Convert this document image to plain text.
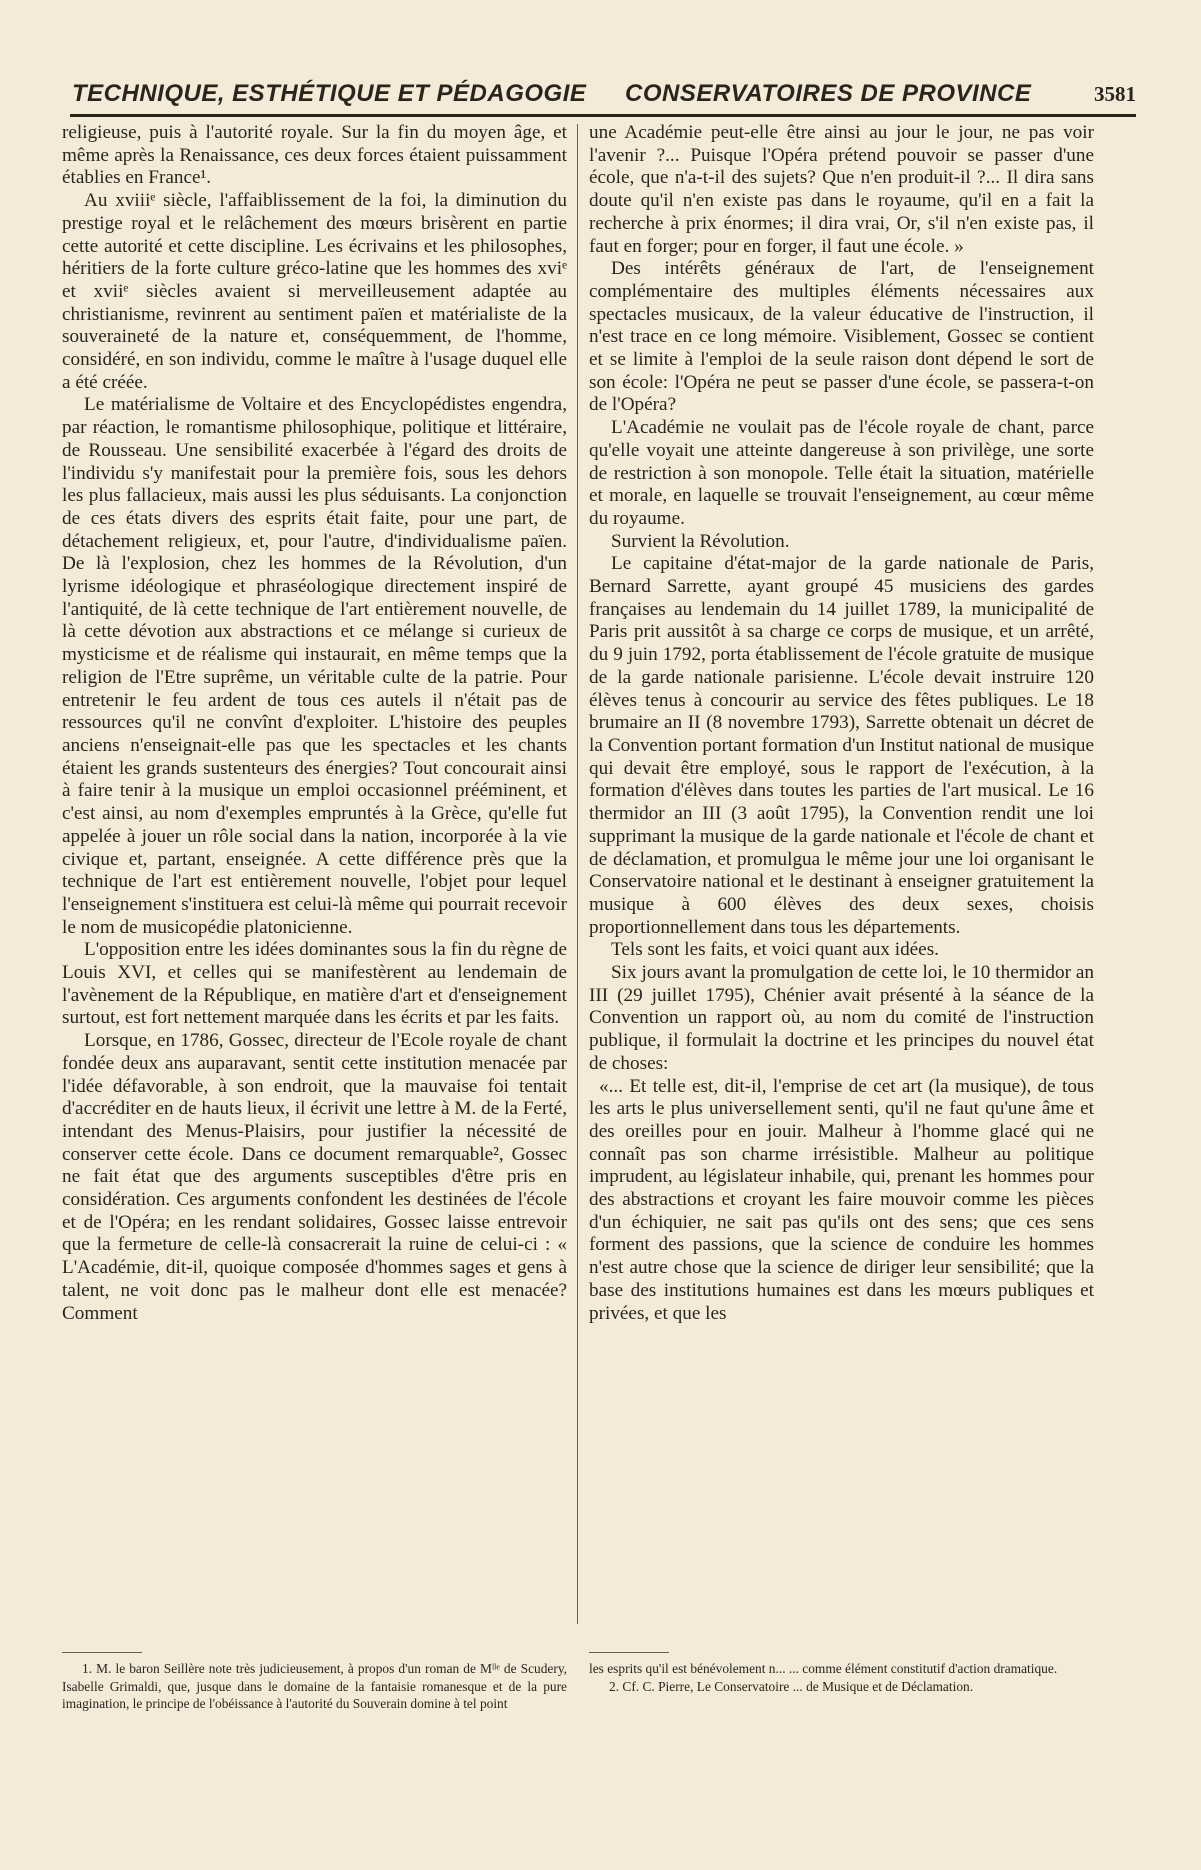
TECHNIQUE, ESTHÉTIQUE ET PÉDAGOGIE CONSERVATOIRES DE PROVINCE	3581

religieuse, puis à l'autorité royale. Sur la fin du moyen âge, et même après la Renaissance, ces deux forces étaient puissamment établies en France¹.

Au xviiiᵉ siècle, l'affaiblissement de la foi, la diminution du prestige royal et le relâchement des mœurs brisèrent en partie cette autorité et cette discipline. Les écrivains et les philosophes, héritiers de la forte culture gréco-latine que les hommes des xviᵉ et xviiᵉ siècles avaient si merveilleusement adaptée au christianisme, revinrent au sentiment païen et matérialiste de la souveraineté de la nature et, conséquemment, de l'homme, considéré, en son individu, comme le maître à l'usage duquel elle a été créée.

Le matérialisme de Voltaire et des Encyclopédistes engendra, par réaction, le romantisme philosophique, politique et littéraire, de Rousseau. Une sensibilité exacerbée à l'égard des droits de l'individu s'y manifestait pour la première fois, sous les dehors les plus fallacieux, mais aussi les plus séduisants. La conjonction de ces états divers des esprits était faite, pour une part, de détachement religieux, et, pour l'autre, d'individualisme païen. De là l'explosion, chez les hommes de la Révolution, d'un lyrisme idéologique et phraséologique directement inspiré de l'antiquité, de là cette technique de l'art entièrement nouvelle, de là cette dévotion aux abstractions et ce mélange si curieux de mysticisme et de réalisme qui instaurait, en même temps que la religion de l'Etre suprême, un véritable culte de la patrie. Pour entretenir le feu ardent de tous ces autels il n'était pas de ressources qu'il ne convînt d'exploiter. L'histoire des peuples anciens n'enseignait-elle pas que les spectacles et les chants étaient les grands sustenteurs des énergies? Tout concourait ainsi à faire tenir à la musique un emploi occasionnel prééminent, et c'est ainsi, au nom d'exemples empruntés à la Grèce, qu'elle fut appelée à jouer un rôle social dans la nation, incorporée à la vie civique et, partant, enseignée. A cette différence près que la technique de l'art est entièrement nouvelle, l'objet pour lequel l'enseignement s'instituera est celui-là même qui pourrait recevoir le nom de musicopédie platonicienne.

L'opposition entre les idées dominantes sous la fin du règne de Louis XVI, et celles qui se manifestèrent au lendemain de l'avènement de la République, en matière d'art et d'enseignement surtout, est fort nettement marquée dans les écrits et par les faits.

Lorsque, en 1786, Gossec, directeur de l'Ecole royale de chant fondée deux ans auparavant, sentit cette institution menacée par l'idée défavorable, à son endroit, que la mauvaise foi tentait d'accréditer en de hauts lieux, il écrivit une lettre à M. de la Ferté, intendant des Menus-Plaisirs, pour justifier la nécessité de conserver cette école. Dans ce document remarquable², Gossec ne fait état que des arguments susceptibles d'être pris en considération. Ces arguments confondent les destinées de l'école et de l'Opéra; en les rendant solidaires, Gossec laisse entrevoir que la fermeture de celle-là consacrerait la ruine de celui-ci : « L'Académie, dit-il, quoique composée d'hommes sages et gens à talent, ne voit donc pas le malheur dont elle est menacée? Comment

une Académie peut-elle être ainsi au jour le jour, ne pas voir l'avenir ?... Puisque l'Opéra prétend pouvoir se passer d'une école, que n'a-t-il des sujets? Que n'en produit-il ?... Il dira sans doute qu'il n'en existe pas dans le royaume, qu'il en a fait la recherche à prix énormes; il dira vrai, Or, s'il n'en existe pas, il faut en forger; pour en forger, il faut une école. »

Des intérêts généraux de l'art, de l'enseignement complémentaire des multiples éléments nécessaires aux spectacles musicaux, de la valeur éducative de l'instruction, il n'est trace en ce long mémoire. Visiblement, Gossec se contient et se limite à l'emploi de la seule raison dont dépend le sort de son école: l'Opéra ne peut se passer d'une école, se passera-t-on de l'Opéra?

L'Académie ne voulait pas de l'école royale de chant, parce qu'elle voyait une atteinte dangereuse à son privilège, une sorte de restriction à son monopole. Telle était la situation, matérielle et morale, en laquelle se trouvait l'enseignement, au cœur même du royaume.

Survient la Révolution.

Le capitaine d'état-major de la garde nationale de Paris, Bernard Sarrette, ayant groupé 45 musiciens des gardes françaises au lendemain du 14 juillet 1789, la municipalité de Paris prit aussitôt à sa charge ce corps de musique, et un arrêté, du 9 juin 1792, porta établissement de l'école gratuite de musique de la garde nationale parisienne. L'école devait instruire 120 élèves tenus à concourir au service des fêtes publiques. Le 18 brumaire an II (8 novembre 1793), Sarrette obtenait un décret de la Convention portant formation d'un Institut national de musique qui devait être employé, sous le rapport de l'exécution, à la formation d'élèves dans toutes les parties de l'art musical. Le 16 thermidor an III (3 août 1795), la Convention rendit une loi supprimant la musique de la garde nationale et l'école de chant et de déclamation, et promulgua le même jour une loi organisant le Conservatoire national et le destinant à enseigner gratuitement la musique à 600 élèves des deux sexes, choisis proportionnellement dans tous les départements.

Tels sont les faits, et voici quant aux idées.

Six jours avant la promulgation de cette loi, le 10 thermidor an III (29 juillet 1795), Chénier avait présenté à la séance de la Convention un rapport où, au nom du comité de l'instruction publique, il formulait la doctrine et les principes du nouvel état de choses:

«... Et telle est, dit-il, l'emprise de cet art (la musique), de tous les arts le plus universellement senti, qu'il ne faut qu'une âme et des oreilles pour en jouir. Malheur à l'homme glacé qui ne connaît pas son charme irrésistible. Malheur au politique imprudent, au législateur inhabile, qui, prenant les hommes pour des abstractions et croyant les faire mouvoir comme les pièces d'un échiquier, ne sait pas qu'ils ont des sens; que ces sens forment des passions, que la science de conduire les hommes n'est autre chose que la science de diriger leur sensibilité; que la base des institutions humaines est dans les mœurs publiques et privées, et que les

1. M. le baron Seillère note très judicieusement, à propos d'un roman de Mˡˡᵉ de Scudery, Isabelle Grimaldi, que, jusque dans le domaine de la fantaisie romanesque et de la pure imagination, le principe de l'obéissance à l'autorité du Souverain domine à tel point

les esprits qu'il est bénévolement n... ... comme élément constitutif d'action dramatique.

2. Cf. C. Pierre, Le Conservatoire ... de Musique et de Déclamation.
